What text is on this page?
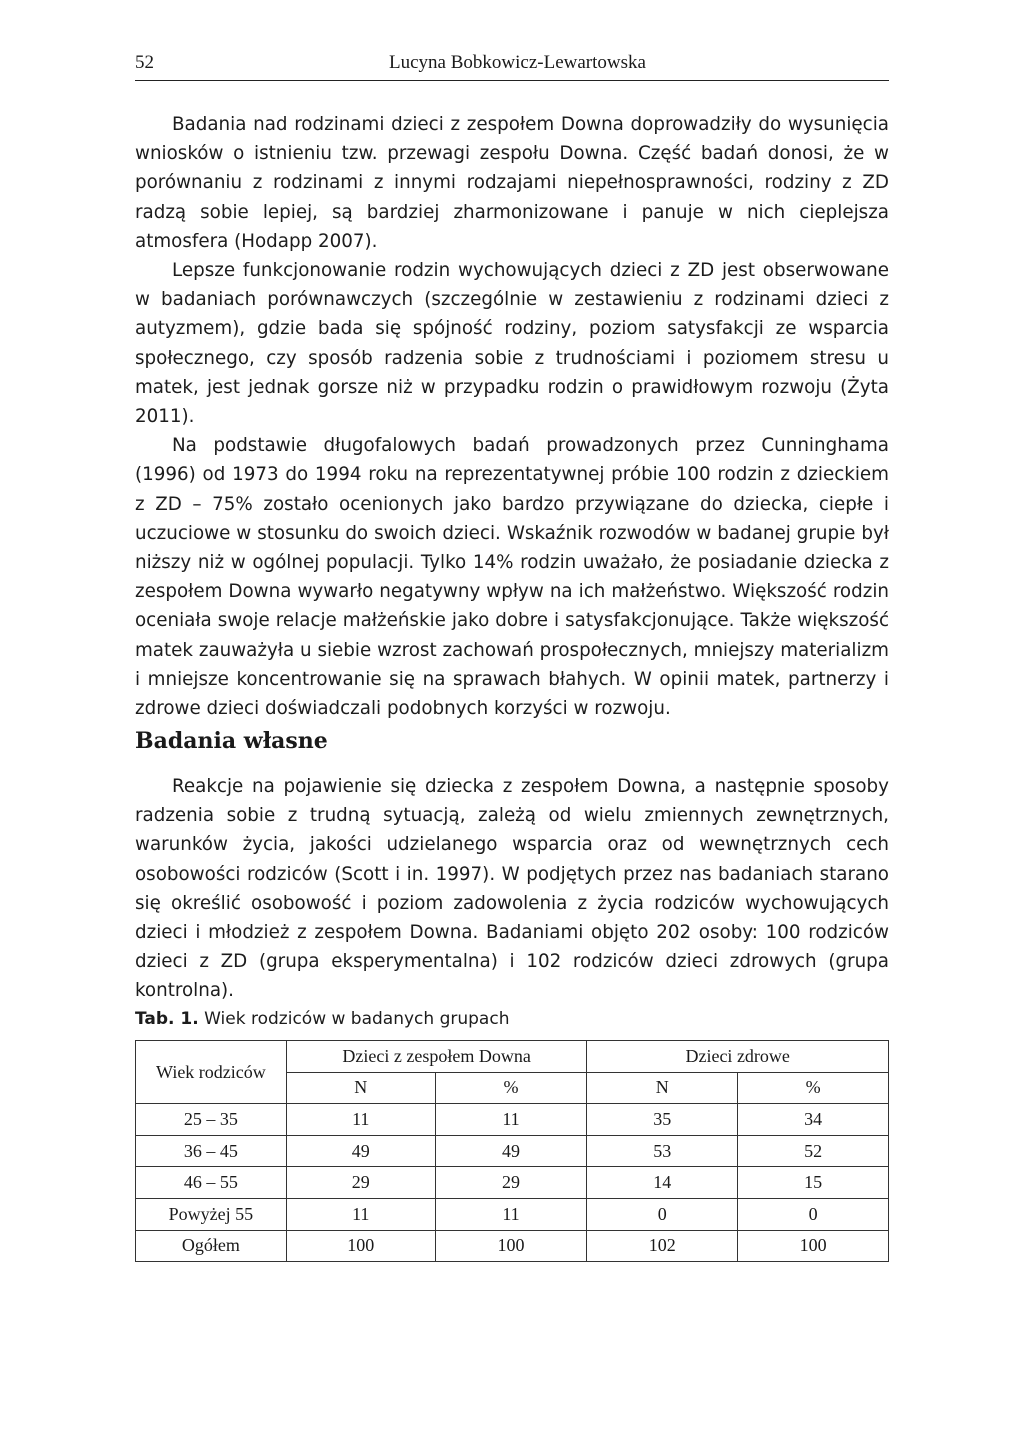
52	Lucyna Bobkowicz-Lewartowska

Badania nad rodzinami dzieci z zespołem Downa doprowadziły do wysunięcia wniosków o istnieniu tzw. przewagi zespołu Downa. Część badań donosi, że w porównaniu z rodzinami z innymi rodzajami niepełnosprawności, rodziny z ZD radzą sobie lepiej, są bardziej zharmonizowane i panuje w nich cieplejsza atmosfera (Hodapp 2007).

Lepsze funkcjonowanie rodzin wychowujących dzieci z ZD jest obserwowane w badaniach porównawczych (szczególnie w zestawieniu z rodzinami dzieci z autyzmem), gdzie bada się spójność rodziny, poziom satysfakcji ze wsparcia społecznego, czy sposób radzenia sobie z trudnościami i poziomem stresu u matek, jest jednak gorsze niż w przypadku rodzin o prawidłowym rozwoju (Żyta 2011).

Na podstawie długofalowych badań prowadzonych przez Cunninghama (1996) od 1973 do 1994 roku na reprezentatywnej próbie 100 rodzin z dzieckiem z ZD – 75% zostało ocenionych jako bardzo przywiązane do dziecka, ciepłe i uczuciowe w stosunku do swoich dzieci. Wskaźnik rozwodów w badanej grupie był niższy niż w ogólnej populacji. Tylko 14% rodzin uważało, że posiadanie dziecka z zespołem Downa wywarło negatywny wpływ na ich małżeństwo. Większość rodzin oceniała swoje relacje małżeńskie jako dobre i satysfakcjonujące. Także większość matek zauważyła u siebie wzrost zachowań prospołecznych, mniejszy materializm i mniejsze koncentrowanie się na sprawach błahych. W opinii matek, partnerzy i zdrowe dzieci doświadczali podobnych korzyści w rozwoju.

Badania własne

Reakcje na pojawienie się dziecka z zespołem Downa, a następnie sposoby radzenia sobie z trudną sytuacją, zależą od wielu zmiennych zewnętrznych, warunków życia, jakości udzielanego wsparcia oraz od wewnętrznych cech osobowości rodziców (Scott i in. 1997). W podjętych przez nas badaniach starano się określić osobowość i poziom zadowolenia z życia rodziców wychowujących dzieci i młodzież z zespołem Downa. Badaniami objęto 202 osoby: 100 rodziców dzieci z ZD (grupa eksperymentalna) i 102 rodziców dzieci zdrowych (grupa kontrolna).

Tab. 1. Wiek rodziców w badanych grupach
Wiek rodziców	Dzieci z zespołem Downa		Dzieci zdrowe	
	N	%	N	%
25 – 35	11	11	35	34
36 – 45	49	49	53	52
46 – 55	29	29	14	15
Powyżej 55	11	11	0	0
Ogółem	100	100	102	100
